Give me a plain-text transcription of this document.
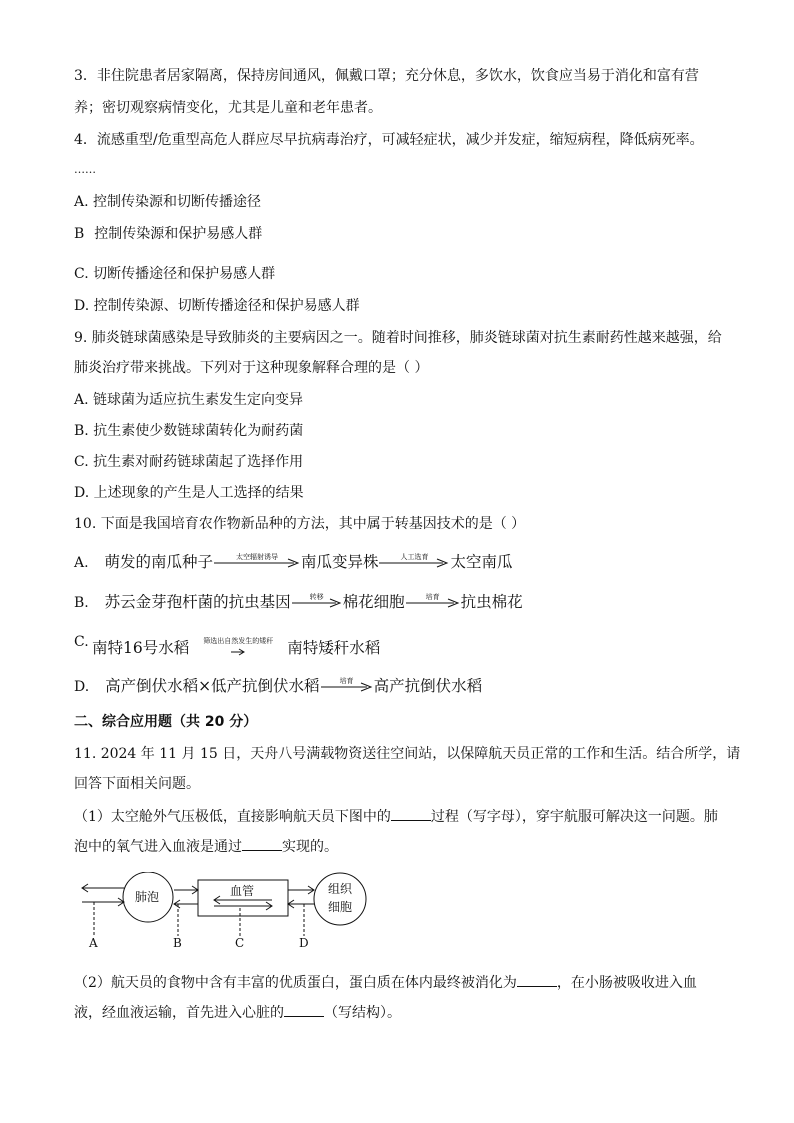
3．非住院患者居家隔离，保持房间通风，佩戴口罩；充分休息，多饮水，饮食应当易于消化和富有营
养；密切观察病情变化，尤其是儿童和老年患者。
4．流感重型/危重型高危人群应尽早抗病毒治疗，可减轻症状，减少并发症，缩短病程，降低病死率。
……
A. 控制传染源和切断传播途径
B 控制传染源和保护易感人群
C. 切断传播途径和保护易感人群
D. 控制传染源、切断传播途径和保护易感人群
9. 肺炎链球菌感染是导致肺炎的主要病因之一。随着时间推移，肺炎链球菌对抗生素耐药性越来越强，给
肺炎治疗带来挑战。下列对于这种现象解释合理的是（ ）
A. 链球菌为适应抗生素发生定向变异
B. 抗生素使少数链球菌转化为耐药菌
C. 抗生素对耐药链球菌起了选择作用
D. 上述现象的产生是人工选择的结果
10. 下面是我国培育农作物新品种的方法，其中属于转基因技术的是（ ）
A. 萌发的南瓜种子	太空辐射诱导	南瓜变异株	人工选育	太空南瓜
B. 苏云金芽孢杆菌的抗虫基因	转移	棉花细胞	培育	抗虫棉花
C. 南特16号水稻	筛选出自然发生的矮秆 南特矮秆水稻
D. 高产倒伏水稻×低产抗倒伏水稻	培育	高产抗倒伏水稻
二、综合应用题（共 20 分）
11. 2024 年 11 月 15 日，天舟八号满载物资送往空间站，以保障航天员正常的工作和生活。结合所学，请
回答下面相关问题。
（1）太空舱外气压极低，直接影响航天员下图中的	过程（写字母），穿宇航服可解决这一问题。肺
泡中的氧气进入血液是通过	实现的。
肺泡	血管	组织
细胞
A	B	C	D
（2）航天员的食物中含有丰富的优质蛋白，蛋白质在体内最终被消化为	，在小肠被吸收进入血
液，经血液运输，首先进入心脏的	（写结构）。
